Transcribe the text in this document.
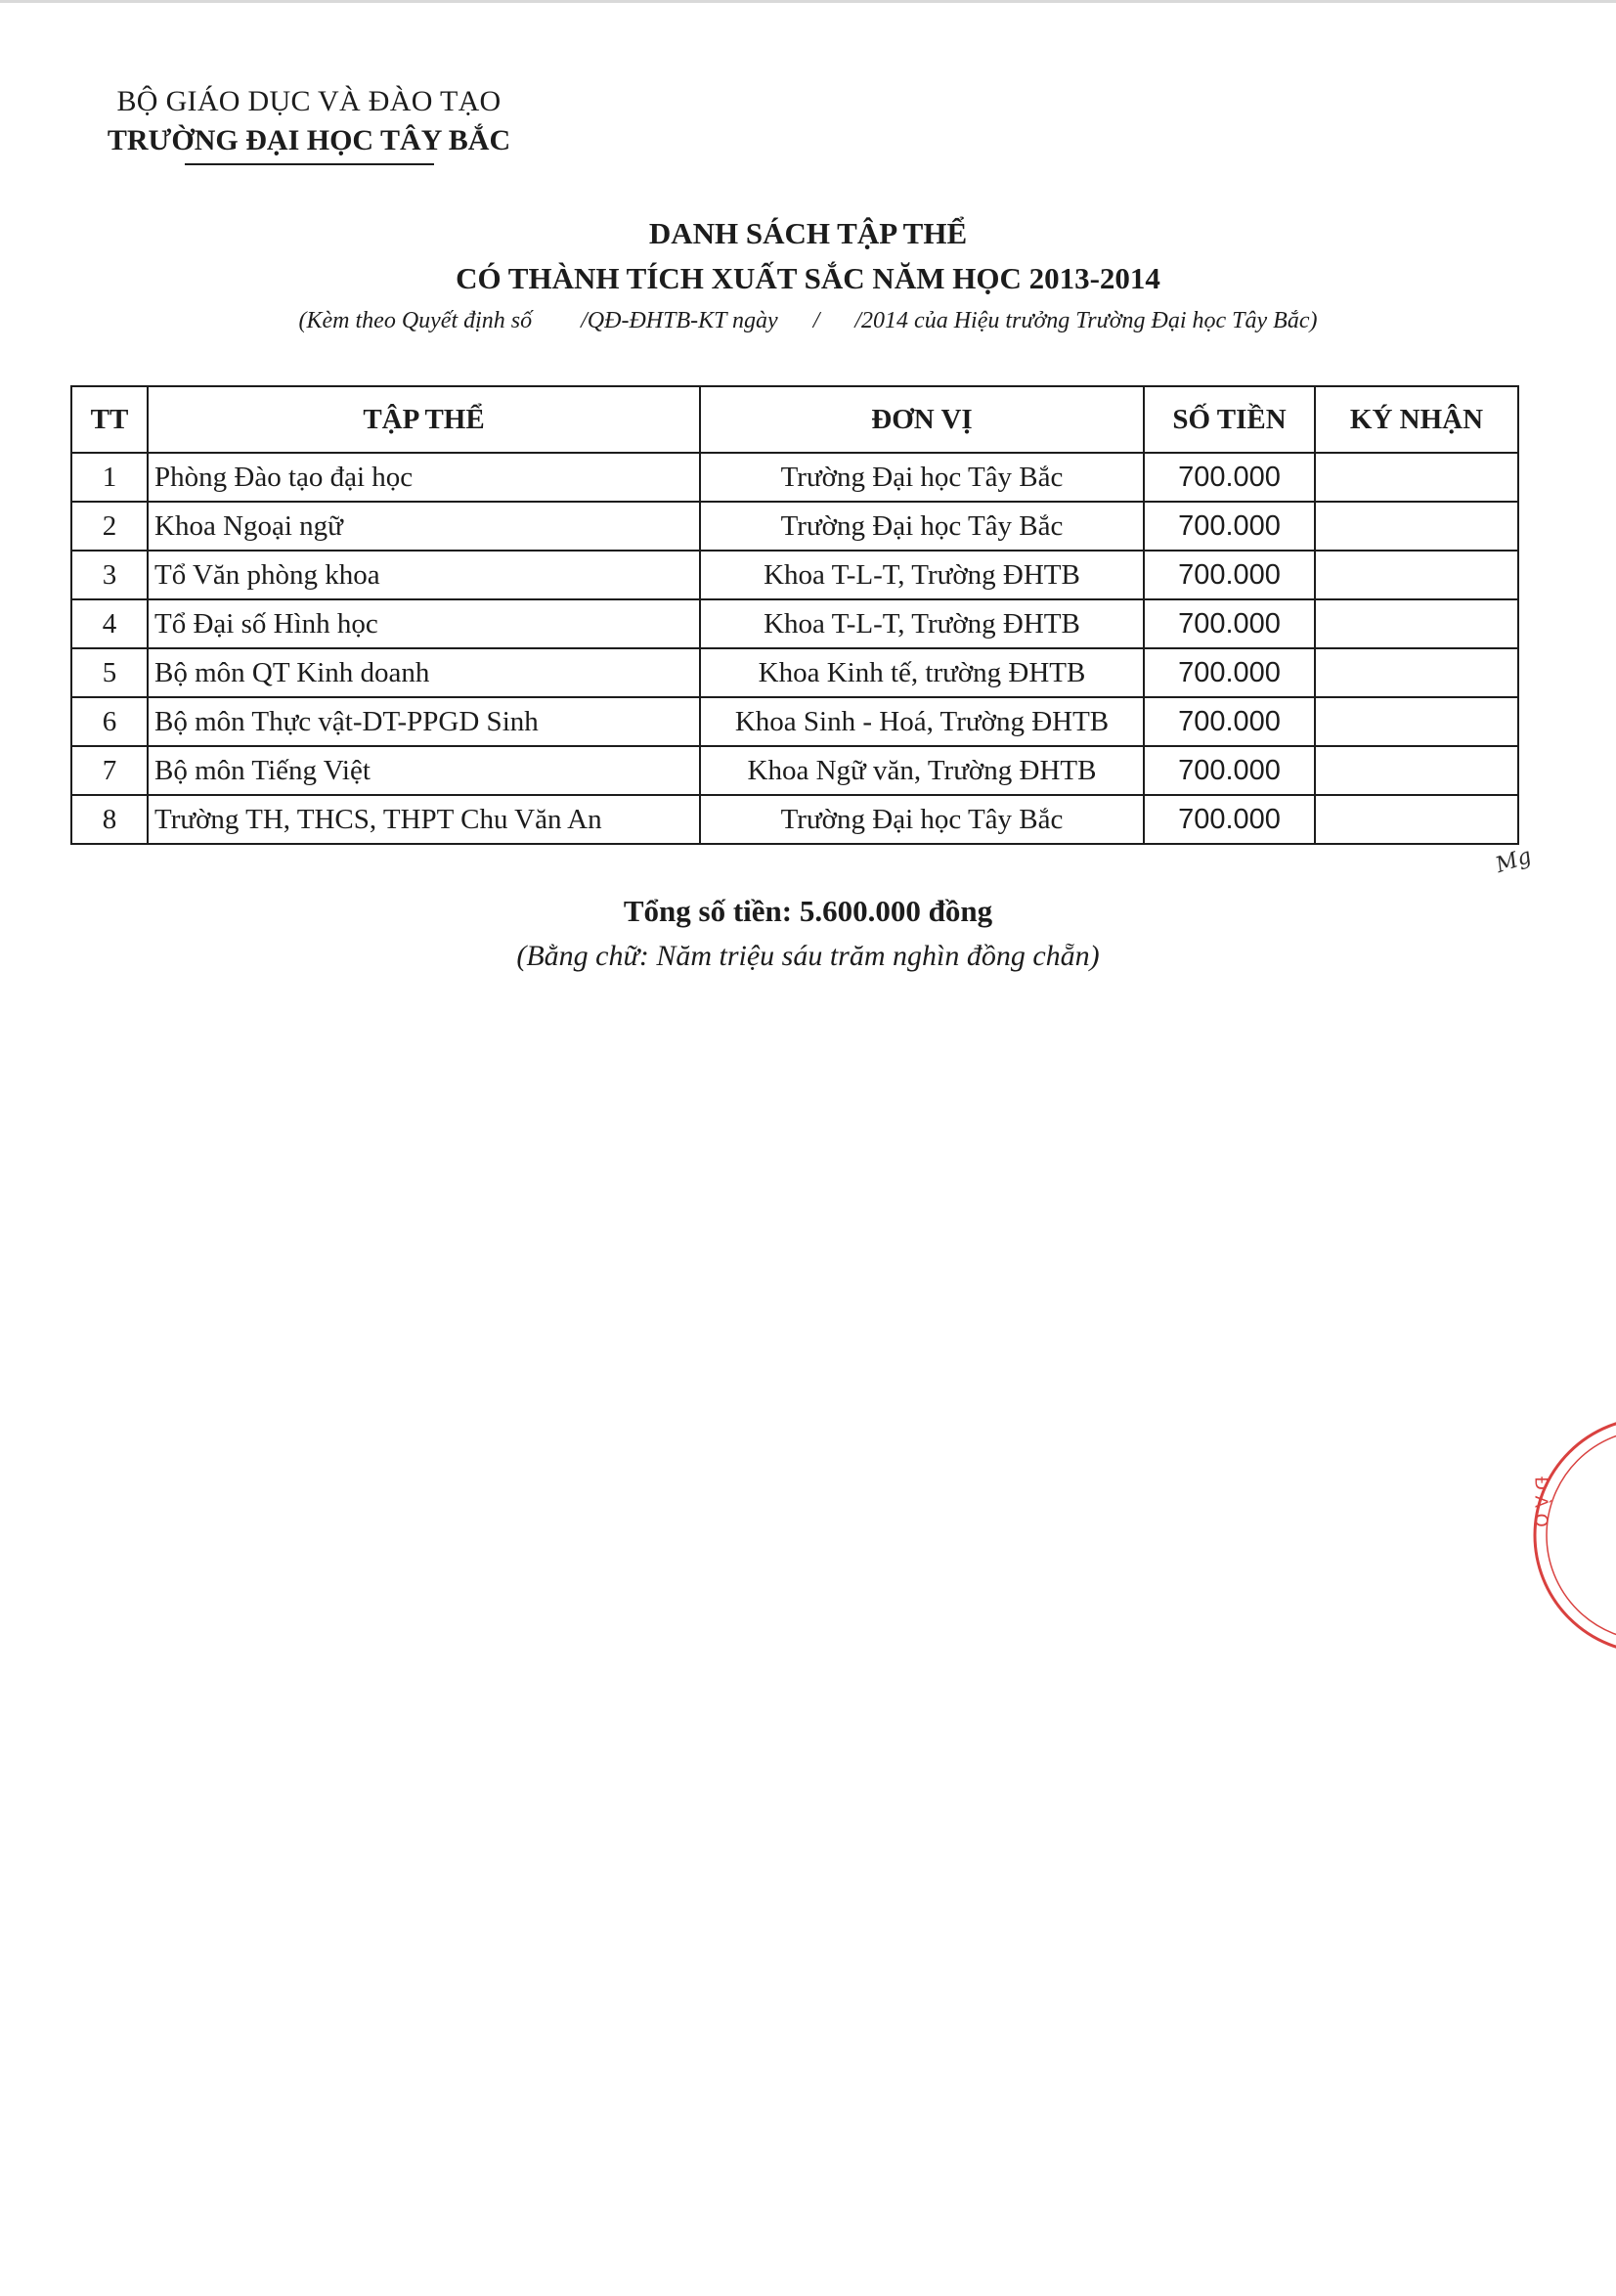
BỘ GIÁO DỤC VÀ ĐÀO TẠO
TRƯỜNG ĐẠI HỌC TÂY BẮC
DANH SÁCH TẬP THỂ
CÓ THÀNH TÍCH XUẤT SẮC NĂM HỌC 2013-2014
(Kèm theo Quyết định số /QĐ-ĐHTB-KT ngày / /2014 của Hiệu trưởng Trường Đại học Tây Bắc)
TT	TẬP THỂ	ĐƠN VỊ	SỐ TIỀN	KÝ NHẬN
1	Phòng Đào tạo đại học	Trường Đại học Tây Bắc	700.000	
2	Khoa Ngoại ngữ	Trường Đại học Tây Bắc	700.000	
3	Tổ Văn phòng khoa	Khoa T-L-T, Trường ĐHTB	700.000	
4	Tổ Đại số Hình học	Khoa T-L-T, Trường ĐHTB	700.000	
5	Bộ môn QT Kinh doanh	Khoa Kinh tế, trường ĐHTB	700.000	
6	Bộ môn Thực vật-DT-PPGD Sinh	Khoa Sinh - Hoá, Trường ĐHTB	700.000	
7	Bộ môn Tiếng Việt	Khoa Ngữ văn, Trường ĐHTB	700.000	
8	Trường TH, THCS, THPT Chu Văn An	Trường Đại học Tây Bắc	700.000	
Mg
Tổng số tiền: 5.600.000 đồng
(Bằng chữ: Năm triệu sáu trăm nghìn đồng chẵn)
ĐÀO
